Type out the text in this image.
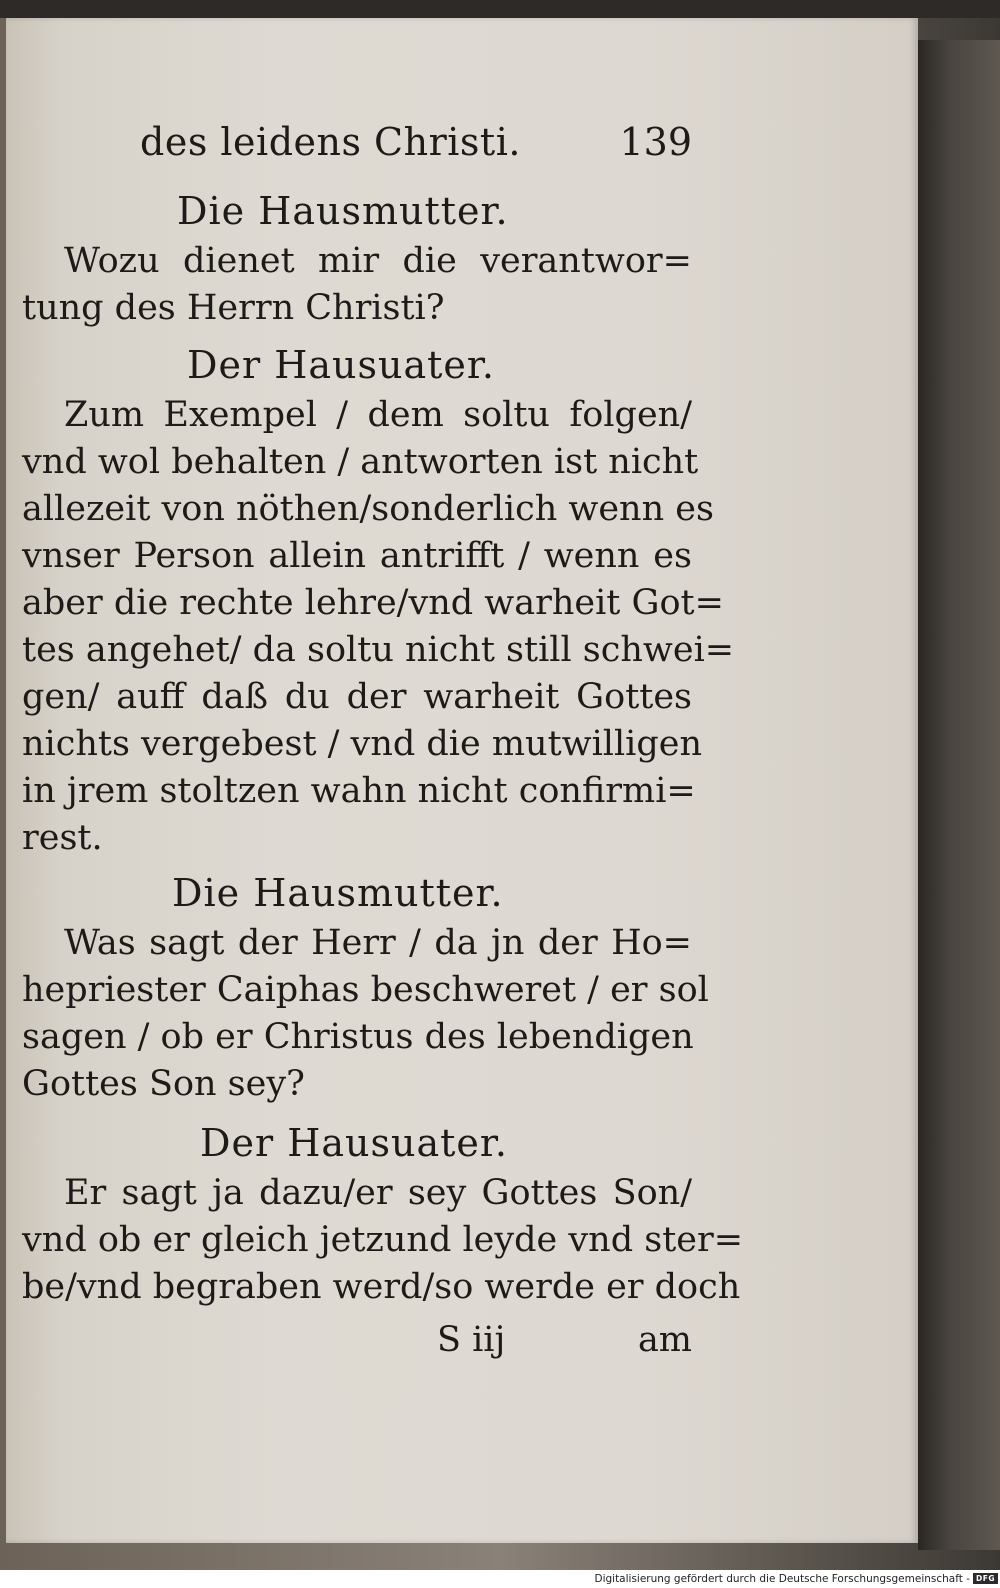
des leidens Christi.	139
Die Hausmutter.
Wozu dienet mir die verantwor=
tung des Herrn Christi?
Der Hausuater.
Zum Exempel / dem soltu folgen/
vnd wol behalten / antworten ist nicht
allezeit von nöthen/sonderlich wenn es
vnser Person allein antrifft / wenn es
aber die rechte lehre/vnd warheit Got=
tes angehet/ da soltu nicht still schwei=
gen/ auff daß du der warheit Gottes
nichts vergebest / vnd die mutwilligen
in jrem stoltzen wahn nicht confirmi=
rest.
Die Hausmutter.
Was sagt der Herr / da jn der Ho=
hepriester Caiphas beschweret / er sol
sagen / ob er Christus des lebendigen
Gottes Son sey?
Der Hausuater.
Er sagt ja dazu/er sey Gottes Son/
vnd ob er gleich jetzund leyde vnd ster=
be/vnd begraben werd/so werde er doch
S iij	am
Digitalisierung gefördert durch die Deutsche Forschungsgemeinschaft - DFG
